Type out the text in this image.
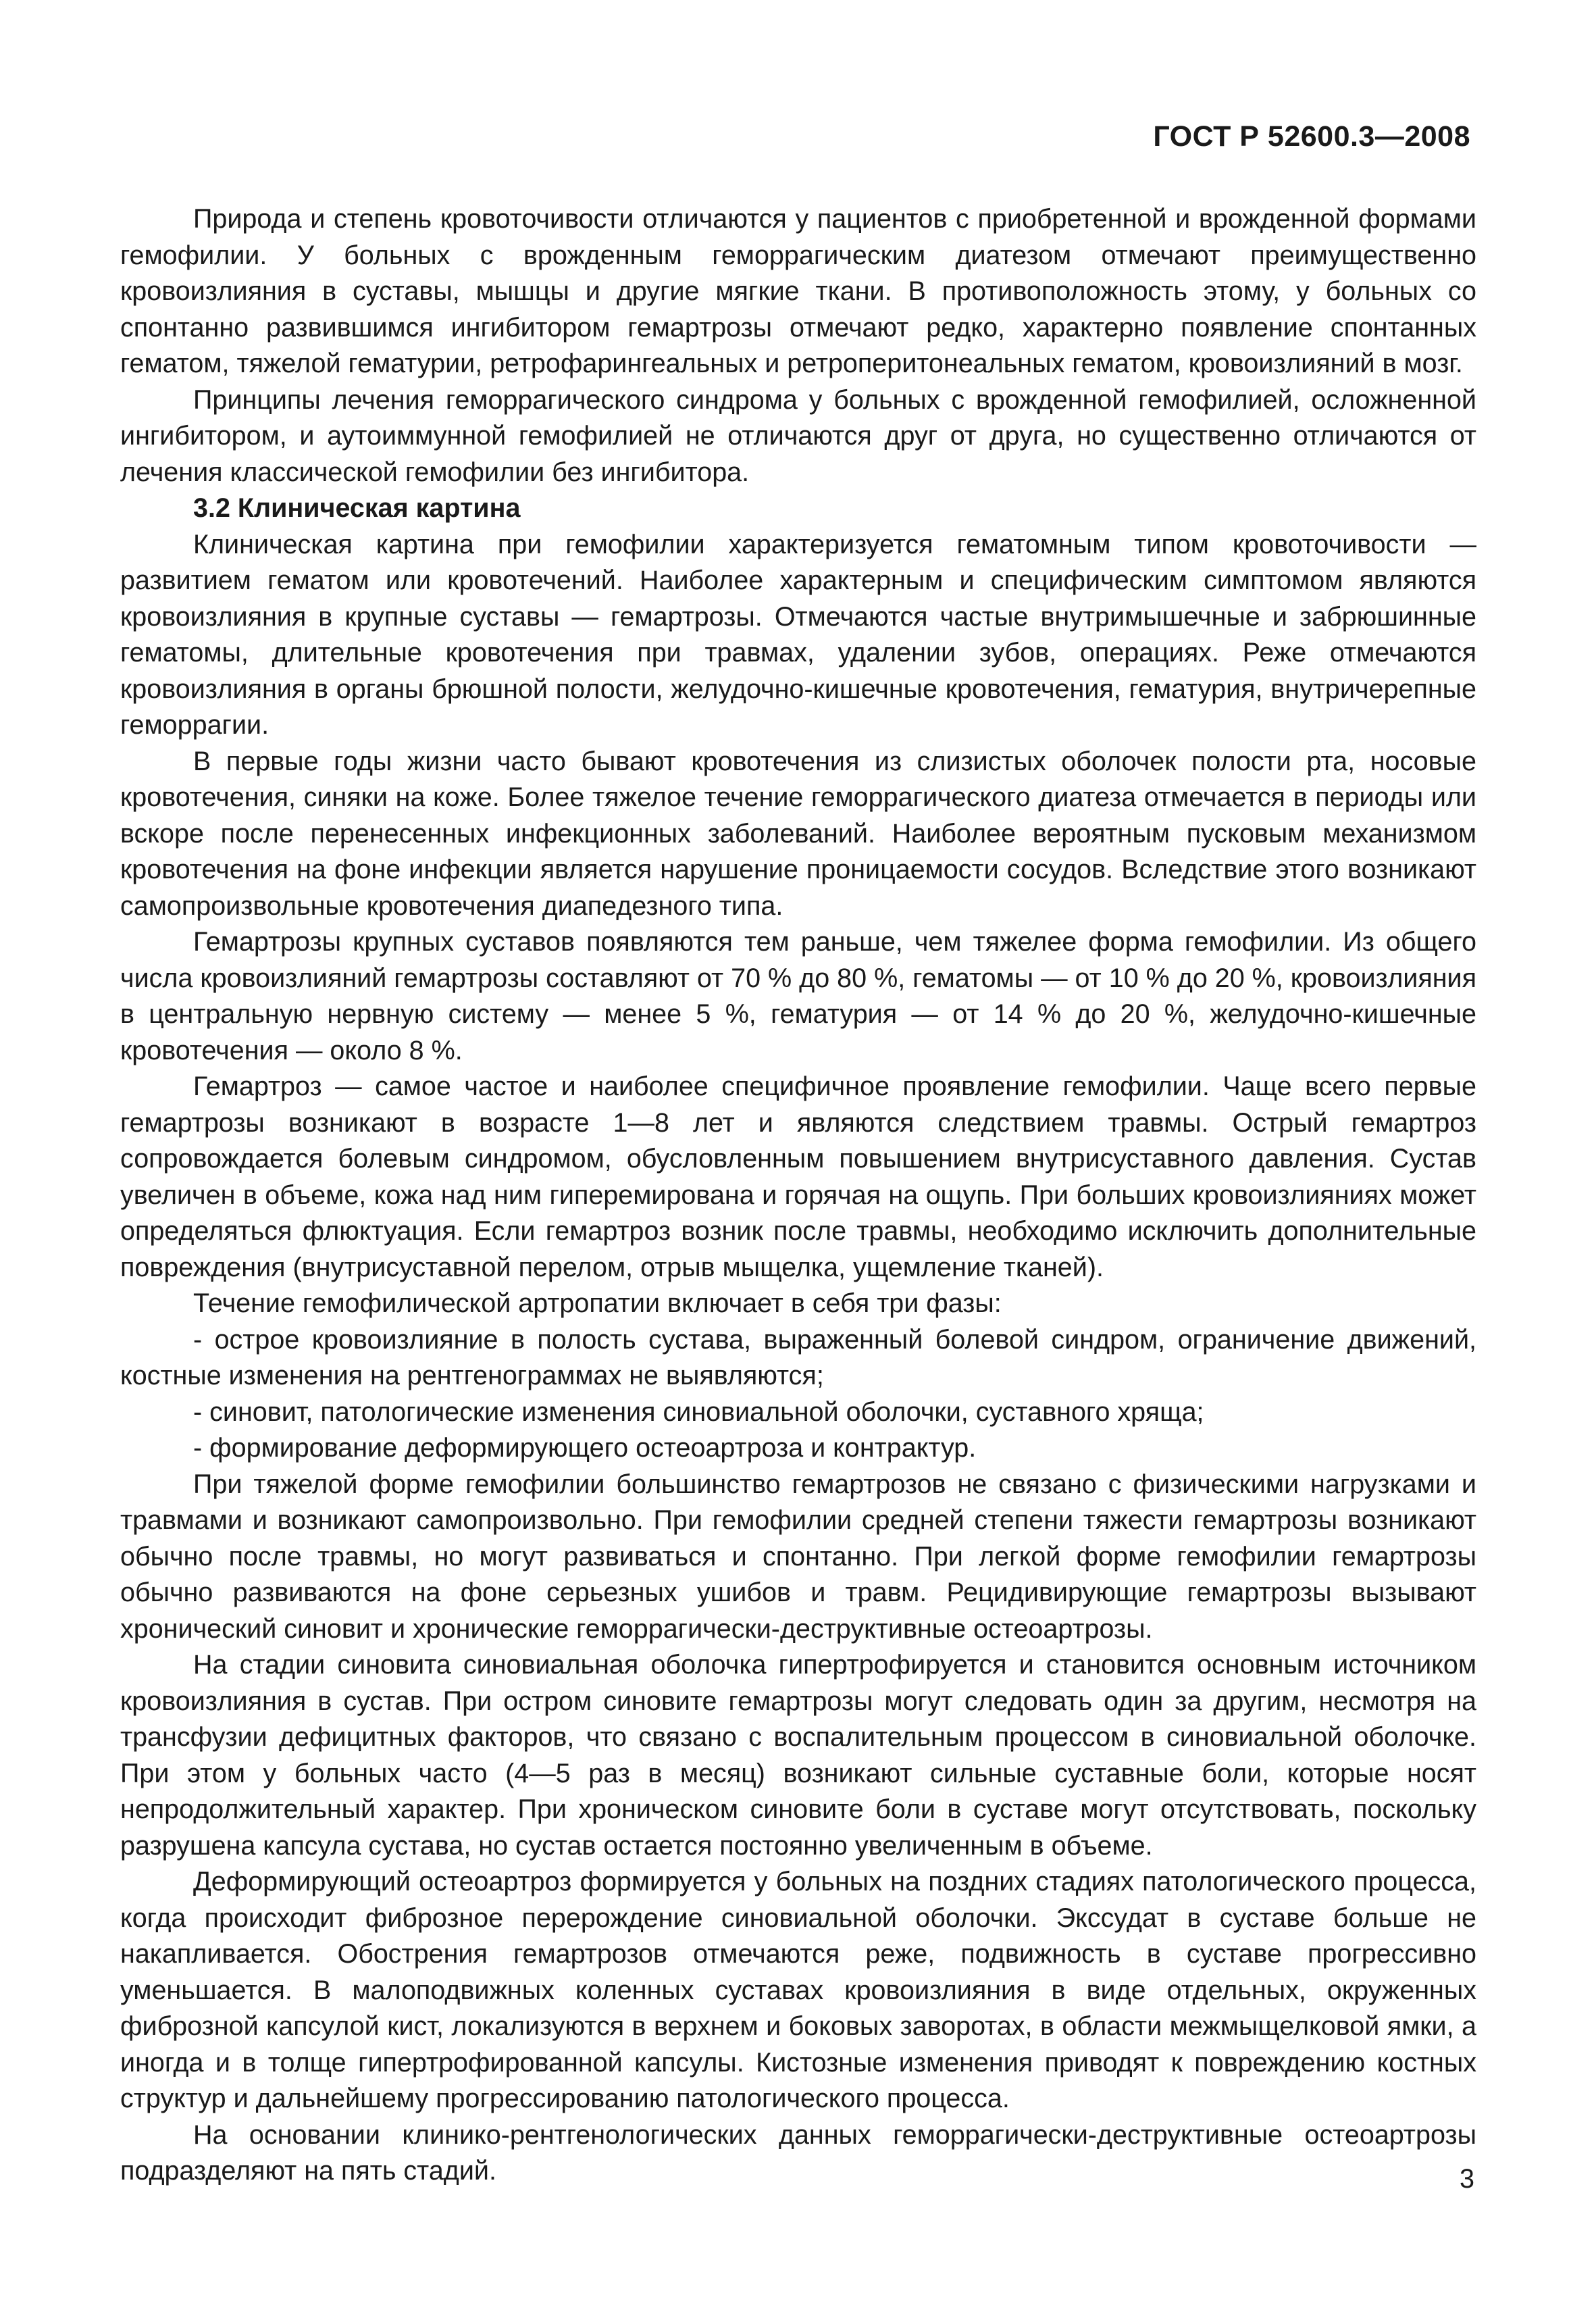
ГОСТ Р 52600.3—2008

Природа и степень кровоточивости отличаются у пациентов с приобретенной и врожденной формами гемофилии. У больных с врожденным геморрагическим диатезом отмечают преимущественно кровоизлияния в суставы, мышцы и другие мягкие ткани. В противоположность этому, у больных со спонтанно развившимся ингибитором гемартрозы отмечают редко, характерно появление спонтанных гематом, тяжелой гематурии, ретрофарингеальных и ретроперитонеальных гематом, кровоизлияний в мозг.

Принципы лечения геморрагического синдрома у больных с врожденной гемофилией, осложненной ингибитором, и аутоиммунной гемофилией не отличаются друг от друга, но существенно отличаются от лечения классической гемофилии без ингибитора.

3.2 Клиническая картина

Клиническая картина при гемофилии характеризуется гематомным типом кровоточивости — развитием гематом или кровотечений. Наиболее характерным и специфическим симптомом являются кровоизлияния в крупные суставы — гемартрозы. Отмечаются частые внутримышечные и забрюшинные гематомы, длительные кровотечения при травмах, удалении зубов, операциях. Реже отмечаются кровоизлияния в органы брюшной полости, желудочно-кишечные кровотечения, гематурия, внутричерепные геморрагии.

В первые годы жизни часто бывают кровотечения из слизистых оболочек полости рта, носовые кровотечения, синяки на коже. Более тяжелое течение геморрагического диатеза отмечается в периоды или вскоре после перенесенных инфекционных заболеваний. Наиболее вероятным пусковым механизмом кровотечения на фоне инфекции является нарушение проницаемости сосудов. Вследствие этого возникают самопроизвольные кровотечения диапедезного типа.

Гемартрозы крупных суставов появляются тем раньше, чем тяжелее форма гемофилии. Из общего числа кровоизлияний гемартрозы составляют от 70 % до 80 %, гематомы — от 10 % до 20 %, кровоизлияния в центральную нервную систему — менее 5 %, гематурия — от 14 % до 20 %, желудочно-кишечные кровотечения — около 8 %.

Гемартроз — самое частое и наиболее специфичное проявление гемофилии. Чаще всего первые гемартрозы возникают в возрасте 1—8 лет и являются следствием травмы. Острый гемартроз сопровождается болевым синдромом, обусловленным повышением внутрисуставного давления. Сустав увеличен в объеме, кожа над ним гиперемирована и горячая на ощупь. При больших кровоизлияниях может определяться флюктуация. Если гемартроз возник после травмы, необходимо исключить дополнительные повреждения (внутрисуставной перелом, отрыв мыщелка, ущемление тканей).

Течение гемофилической артропатии включает в себя три фазы:

- острое кровоизлияние в полость сустава, выраженный болевой синдром, ограничение движений, костные изменения на рентгенограммах не выявляются;

- синовит, патологические изменения синовиальной оболочки, суставного хряща;

- формирование деформирующего остеоартроза и контрактур.

При тяжелой форме гемофилии большинство гемартрозов не связано с физическими нагрузками и травмами и возникают самопроизвольно. При гемофилии средней степени тяжести гемартрозы возникают обычно после травмы, но могут развиваться и спонтанно. При легкой форме гемофилии гемартрозы обычно развиваются на фоне серьезных ушибов и травм. Рецидивирующие гемартрозы вызывают хронический синовит и хронические геморрагически-деструктивные остеоартрозы.

На стадии синовита синовиальная оболочка гипертрофируется и становится основным источником кровоизлияния в сустав. При остром синовите гемартрозы могут следовать один за другим, несмотря на трансфузии дефицитных факторов, что связано с воспалительным процессом в синовиальной оболочке. При этом у больных часто (4—5 раз в месяц) возникают сильные суставные боли, которые носят непродолжительный характер. При хроническом синовите боли в суставе могут отсутствовать, поскольку разрушена капсула сустава, но сустав остается постоянно увеличенным в объеме.

Деформирующий остеоартроз формируется у больных на поздних стадиях патологического процесса, когда происходит фиброзное перерождение синовиальной оболочки. Экссудат в суставе больше не накапливается. Обострения гемартрозов отмечаются реже, подвижность в суставе прогрессивно уменьшается. В малоподвижных коленных суставах кровоизлияния в виде отдельных, окруженных фиброзной капсулой кист, локализуются в верхнем и боковых заворотах, в области межмыщелковой ямки, а иногда и в толще гипертрофированной капсулы. Кистозные изменения приводят к повреждению костных структур и дальнейшему прогрессированию патологического процесса.

На основании клинико-рентгенологических данных геморрагически-деструктивные остеоартрозы подразделяют на пять стадий.	3
